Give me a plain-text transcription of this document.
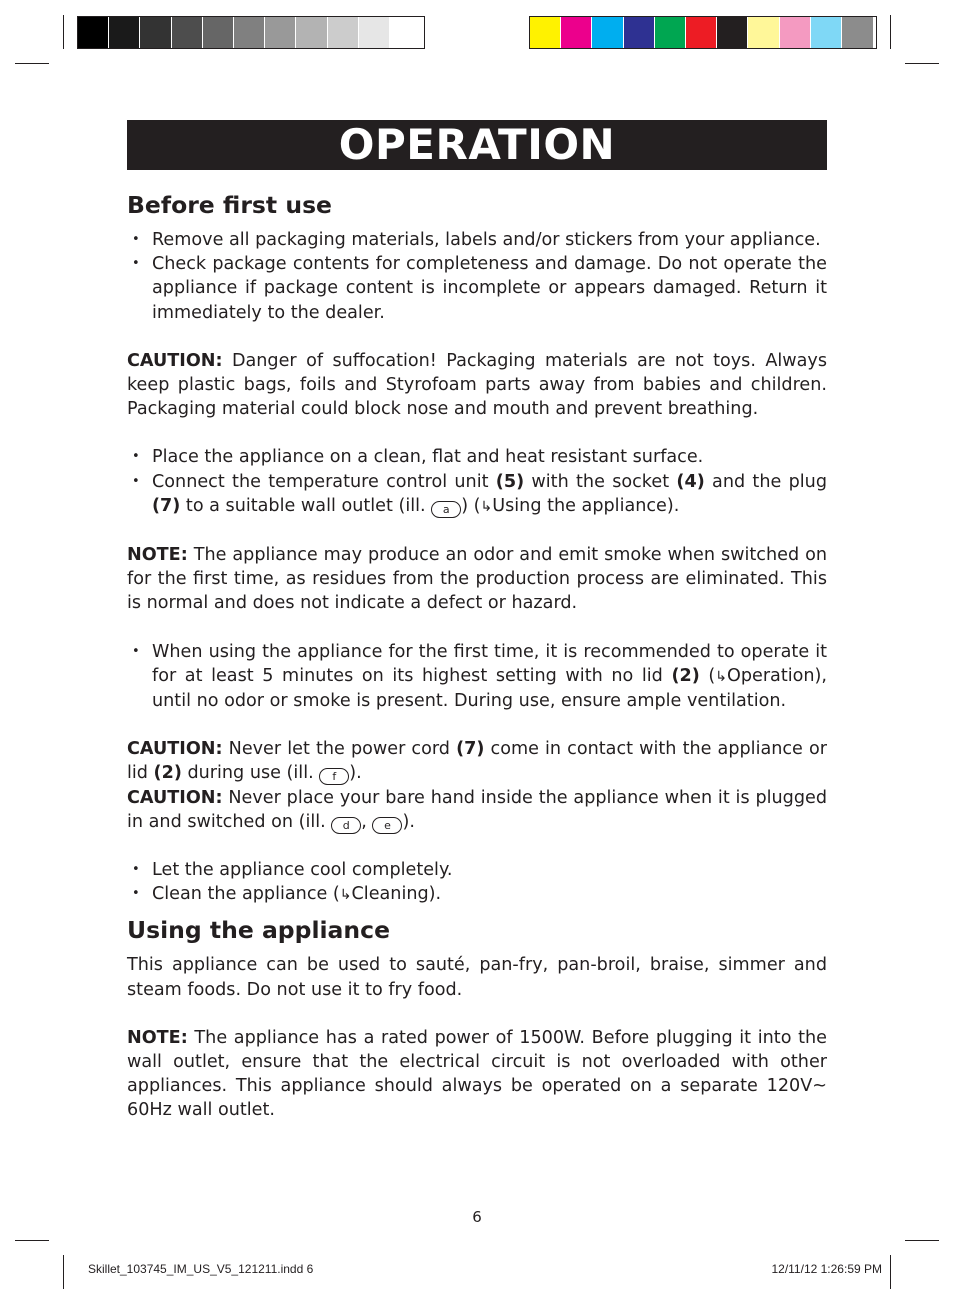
OPERATION
Before first use
• Remove all packaging materials, labels and/or stickers from your appliance.
• Check package contents for completeness and damage. Do not operate the appliance if package content is incomplete or appears damaged. Return it immediately to the dealer.

CAUTION: Danger of suffocation! Packaging materials are not toys. Always keep plastic bags, foils and Styrofoam parts away from babies and children. Packaging material could block nose and mouth and prevent breathing.

• Place the appliance on a clean, flat and heat resistant surface.
• Connect the temperature control unit (5) with the socket (4) and the plug (7) to a suitable wall outlet (ill. a ) (↳Using the appliance).

NOTE: The appliance may produce an odor and emit smoke when switched on for the first time, as residues from the production process are eliminated. This is normal and does not indicate a defect or hazard.

• When using the appliance for the first time, it is recommended to operate it for at least 5 minutes on its highest setting with no lid (2) (↳Operation), until no odor or smoke is present. During use, ensure ample ventilation.

CAUTION: Never let the power cord (7) come in contact with the appliance or lid (2) during use (ill. f ).

CAUTION: Never place your bare hand inside the appliance when it is plugged in and switched on (ill. d , e ).

• Let the appliance cool completely.
• Clean the appliance (↳Cleaning).
Using the appliance

This appliance can be used to sauté, pan-fry, pan-broil, braise, simmer and steam foods. Do not use it to fry food.

NOTE: The appliance has a rated power of 1500W. Before plugging it into the wall outlet, ensure that the electrical circuit is not overloaded with other appliances. This appliance should always be operated on a separate 120V~ 60Hz wall outlet.

6
Skillet_103745_IM_US_V5_121211.indd 6	12/11/12 1:26:59 PM
